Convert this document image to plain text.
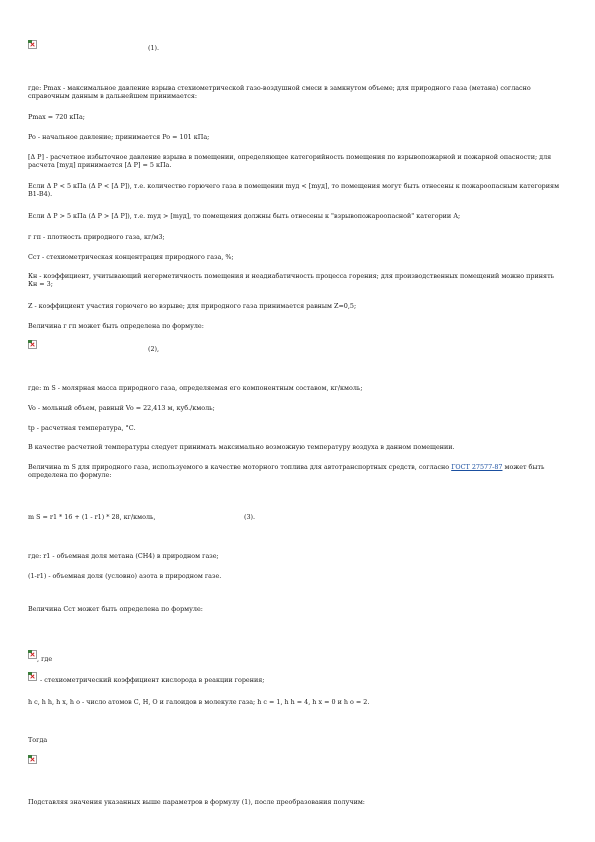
(1).
где: Pmax - максимальное давление взрыва стехиометрической газо-воздушной смеси в замкнутом объеме; для природного газа (метана) согласно справочным данным в дальнейшем принимается:
Pmax = 720 кПа;
Po - начальное давление; принимается Po = 101 кПа;
[Δ P] - расчетное избыточное давление взрыва в помещении, определяющее категорийность помещения по взрывопожарной и пожарной опасности; для расчета [mуд] принимается [Δ P] = 5 кПа.
Если Δ P < 5 кПа (Δ P < [Δ P]), т.е. количество горючего газа в помещении mуд < [mуд], то помещения могут быть отнесены к пожароопасным категориям В1-В4).
Если Δ P > 5 кПа (Δ P > [Δ P]), т.е. mуд > [mуд], то помещения должны быть отнесены к "взрывопожароопасной" категории А;
г гп - плотность природного газа, кг/м3;
Сст - стехиометрическая концентрация природного газа, %;
Кн - коэффициент, учитывающий негерметичность помещения и неадиабатичность процесса горения; для производственных помещений можно принять Кн = 3;
Z - коэффициент участия горючего во взрыве; для природного газа принимается равным Z=0,5;
Величина г гп может быть определена по формуле:
(2),
где: m S - молярная масса природного газа, определяемая его компонентным составом, кг/кмоль;
Vo - мольный объем, равный Vo = 22,413 м, куб./кмоль;
tp - расчетная температура, °С.
В качестве расчетной температуры следует принимать максимально возможную температуру воздуха в данном помещении.
Величина m S для природного газа, используемого в качестве моторного топлива для автотранспортных средств, согласно ГОСТ 27577-87 может быть определена по формуле:
m S = r1 * 16 + (1 - r1) * 28, кг/кмоль,	(3).
где: r1 - объемная доля метана (СН4) в природном газе;
(1-r1) - объемная доля (условно) азота в природном газе.
Величина Сст может быть определена по формуле:
, где
- стехиометрический коэффициент кислорода в реакции горения;
h c, h h, h x, h o - число атомов С, Н, О и галоидов в молекуле газа; h c = 1, h h = 4, h x = 0 и h o = 2.
Тогда
Подставляя значения указанных выше параметров в формулу (1), после преобразования получим:
